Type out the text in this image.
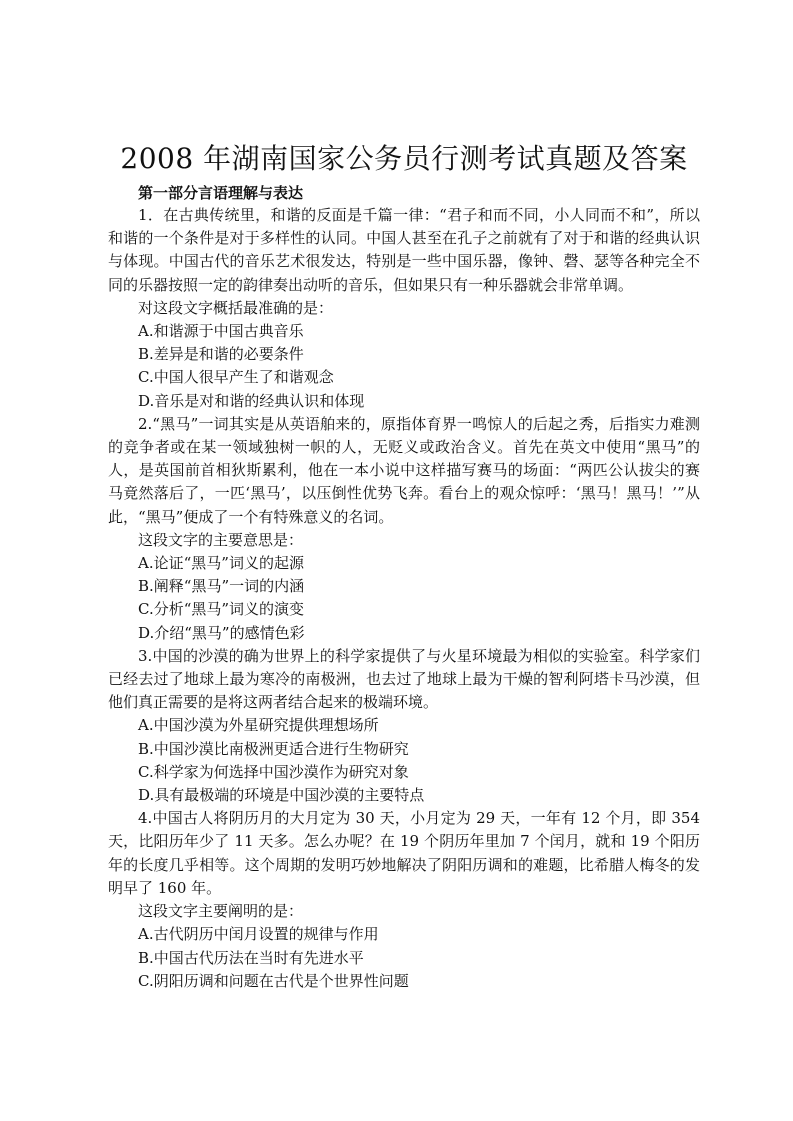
2008 年湖南国家公务员行测考试真题及答案

第一部分言语理解与表达

1．在古典传统里，和谐的反面是千篇一律：“君子和而不同，小人同而不和”，所以和谐的一个条件是对于多样性的认同。中国人甚至在孔子之前就有了对于和谐的经典认识与体现。中国古代的音乐艺术很发达，特别是一些中国乐器，像钟、磬、瑟等各种完全不同的乐器按照一定的韵律奏出动听的音乐，但如果只有一种乐器就会非常单调。

对这段文字概括最准确的是：

A.和谐源于中国古典音乐

B.差异是和谐的必要条件

C.中国人很早产生了和谐观念

D.音乐是对和谐的经典认识和体现

2.“黑马”一词其实是从英语舶来的，原指体育界一鸣惊人的后起之秀，后指实力难测的竞争者或在某一领域独树一帜的人，无贬义或政治含义。首先在英文中使用“黑马”的人，是英国前首相狄斯累利，他在一本小说中这样描写赛马的场面：“两匹公认拔尖的赛马竟然落后了，一匹‘黑马’，以压倒性优势飞奔。看台上的观众惊呼：‘黑马！黑马！’”从此，“黑马”便成了一个有特殊意义的名词。

这段文字的主要意思是：

A.论证“黑马”词义的起源

B.阐释“黑马”一词的内涵

C.分析“黑马”词义的演变

D.介绍“黑马”的感情色彩

3.中国的沙漠的确为世界上的科学家提供了与火星环境最为相似的实验室。科学家们已经去过了地球上最为寒冷的南极洲，也去过了地球上最为干燥的智利阿塔卡马沙漠，但他们真正需要的是将这两者结合起来的极端环境。

A.中国沙漠为外星研究提供理想场所

B.中国沙漠比南极洲更适合进行生物研究

C.科学家为何选择中国沙漠作为研究对象

D.具有最极端的环境是中国沙漠的主要特点

4.中国古人将阴历月的大月定为 30 天，小月定为 29 天，一年有 12 个月，即 354 天，比阳历年少了 11 天多。怎么办呢？在 19 个阴历年里加 7 个闰月，就和 19 个阳历年的长度几乎相等。这个周期的发明巧妙地解决了阴阳历调和的难题，比希腊人梅冬的发明早了 160 年。

这段文字主要阐明的是：

A.古代阴历中闰月设置的规律与作用

B.中国古代历法在当时有先进水平

C.阴阳历调和问题在古代是个世界性问题
